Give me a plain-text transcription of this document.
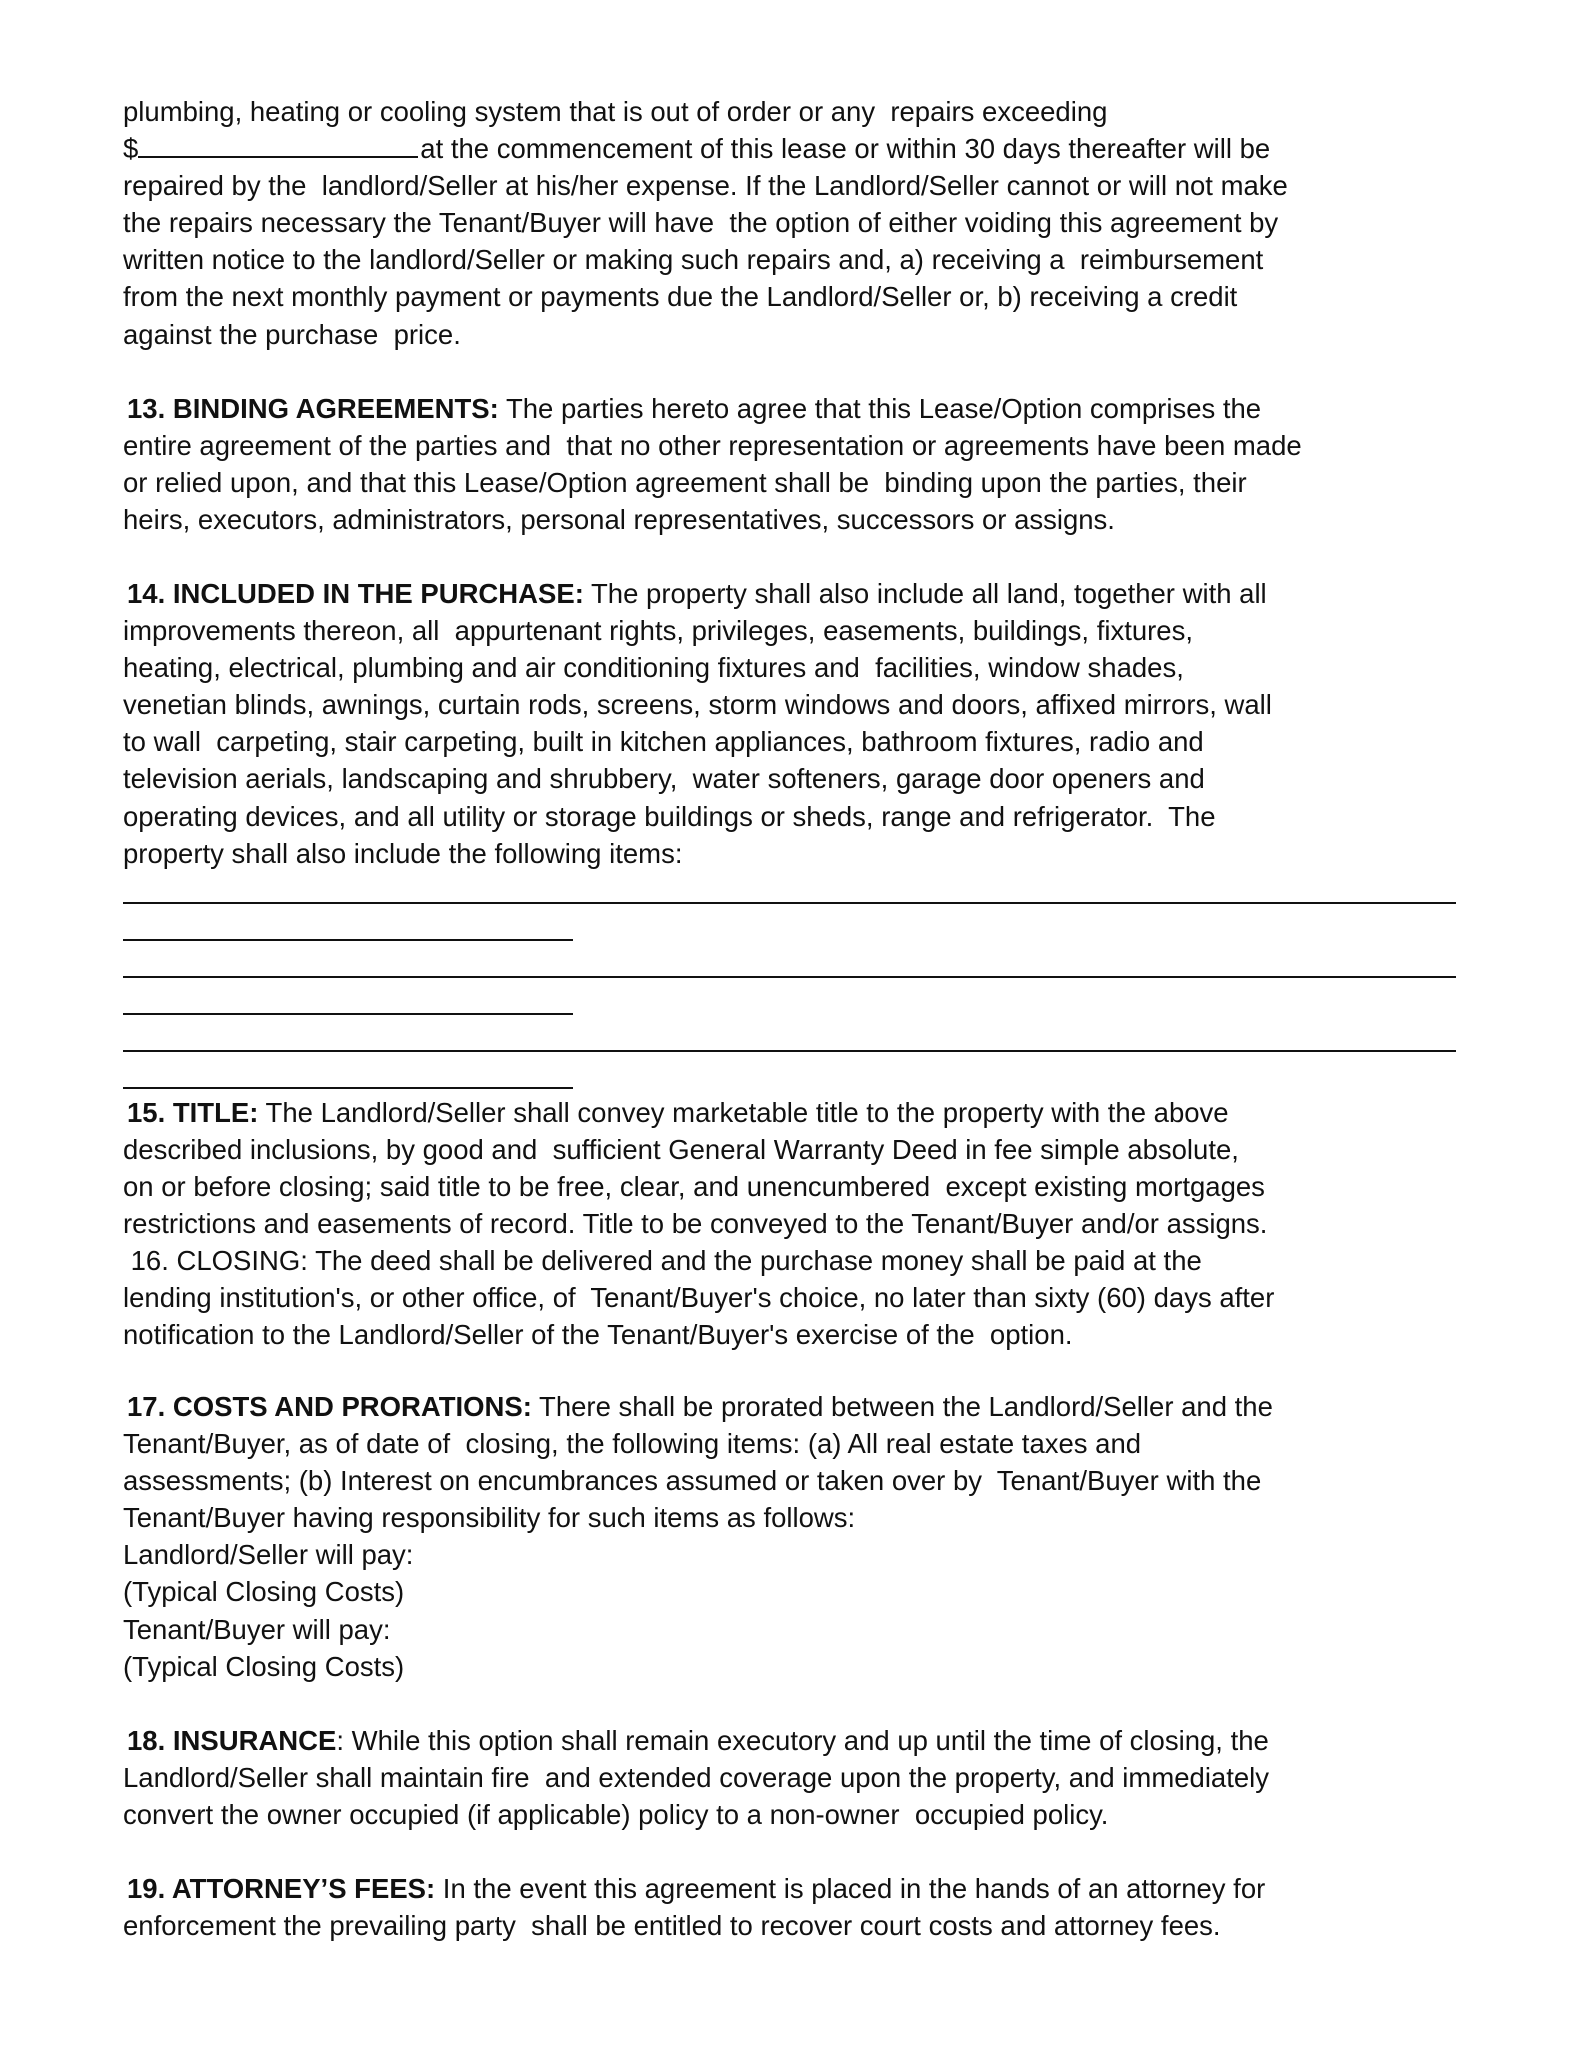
plumbing, heating or cooling system that is out of order or any  repairs exceeding
$	at the commencement of this lease or within 30 days thereafter will be
repaired by the  landlord/Seller at his/her expense. If the Landlord/Seller cannot or will not make
the repairs necessary the Tenant/Buyer will have  the option of either voiding this agreement by
written notice to the landlord/Seller or making such repairs and, a) receiving a  reimbursement
from the next monthly payment or payments due the Landlord/Seller or, b) receiving a credit
against the purchase  price.
13. BINDING AGREEMENTS: The parties hereto agree that this Lease/Option comprises the
entire agreement of the parties and  that no other representation or agreements have been made
or relied upon, and that this Lease/Option agreement shall be  binding upon the parties, their
heirs, executors, administrators, personal representatives, successors or assigns.
14. INCLUDED IN THE PURCHASE: The property shall also include all land, together with all
improvements thereon, all  appurtenant rights, privileges, easements, buildings, fixtures,
heating, electrical, plumbing and air conditioning fixtures and  facilities, window shades,
venetian blinds, awnings, curtain rods, screens, storm windows and doors, affixed mirrors, wall
to wall  carpeting, stair carpeting, built in kitchen appliances, bathroom fixtures, radio and
television aerials, landscaping and shrubbery,  water softeners, garage door openers and
operating devices, and all utility or storage buildings or sheds, range and refrigerator.  The
property shall also include the following items:
15. TITLE: The Landlord/Seller shall convey marketable title to the property with the above
described inclusions, by good and  sufficient General Warranty Deed in fee simple absolute,
on or before closing; said title to be free, clear, and unencumbered  except existing mortgages
restrictions and easements of record. Title to be conveyed to the Tenant/Buyer and/or assigns.
16. CLOSING: The deed shall be delivered and the purchase money shall be paid at the
lending institution's, or other office, of  Tenant/Buyer's choice, no later than sixty (60) days after
notification to the Landlord/Seller of the Tenant/Buyer's exercise of the  option.
17. COSTS AND PRORATIONS: There shall be prorated between the Landlord/Seller and the
Tenant/Buyer, as of date of  closing, the following items: (a) All real estate taxes and
assessments; (b) Interest on encumbrances assumed or taken over by  Tenant/Buyer with the
Tenant/Buyer having responsibility for such items as follows:
Landlord/Seller will pay:
(Typical Closing Costs)
Tenant/Buyer will pay:
(Typical Closing Costs)
18. INSURANCE: While this option shall remain executory and up until the time of closing, the
Landlord/Seller shall maintain fire  and extended coverage upon the property, and immediately
convert the owner occupied (if applicable) policy to a non-owner  occupied policy.
19. ATTORNEY’S FEES: In the event this agreement is placed in the hands of an attorney for
enforcement the prevailing party  shall be entitled to recover court costs and attorney fees.
